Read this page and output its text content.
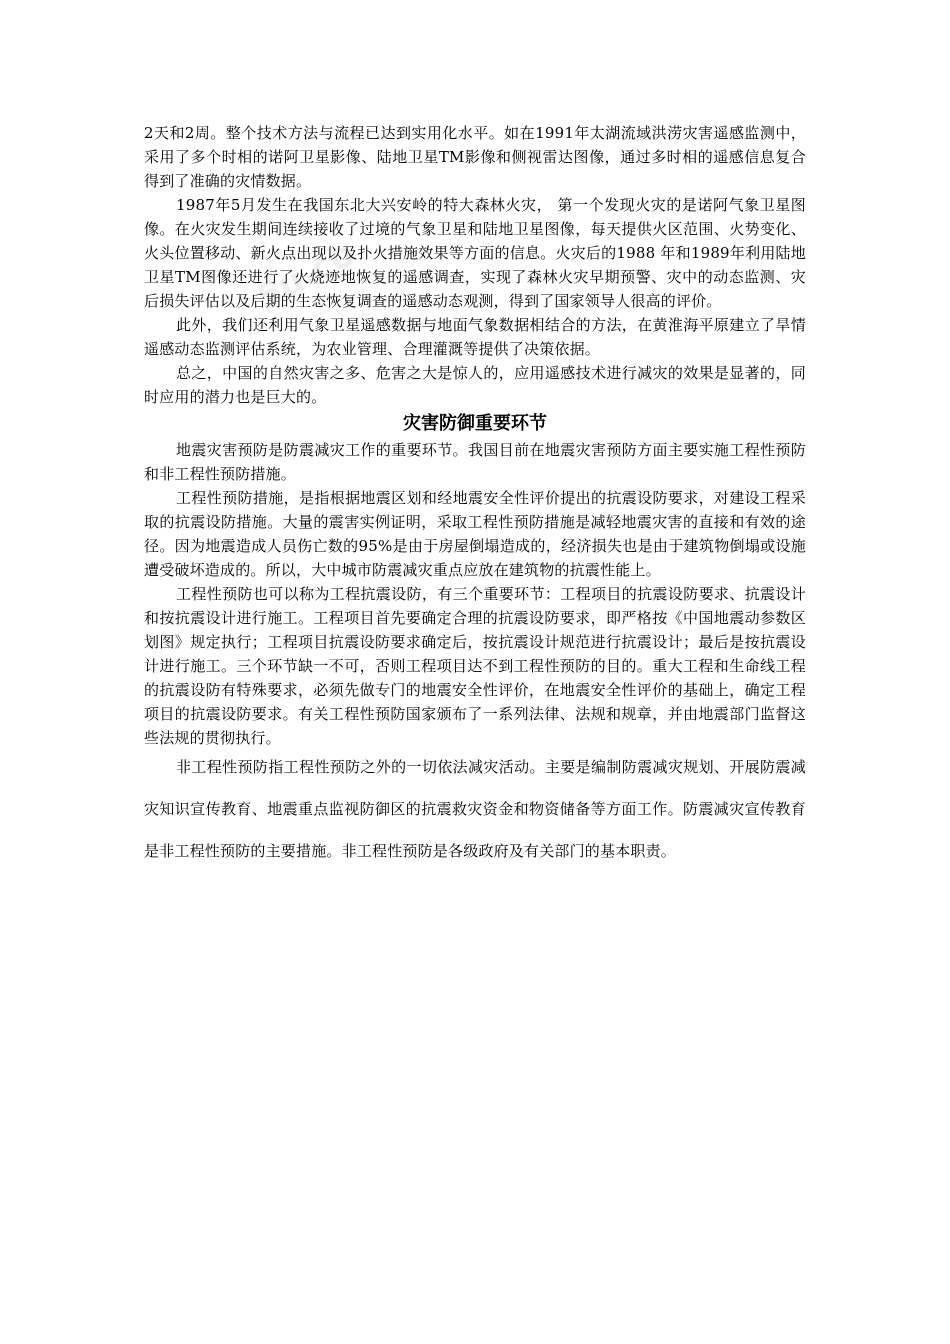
5u.co

2天和2周。整个技术方法与流程已达到实用化水平。如在1991年太湖流域洪涝灾害遥感监测中，采用了多个时相的诺阿卫星影像、陆地卫星TM影像和侧视雷达图像，通过多时相的遥感信息复合得到了准确的灾情数据。

1987年5月发生在我国东北大兴安岭的特大森林火灾， 第一个发现火灾的是诺阿气象卫星图像。在火灾发生期间连续接收了过境的气象卫星和陆地卫星图像，每天提供火区范围、火势变化、火头位置移动、新火点出现以及扑火措施效果等方面的信息。火灾后的1988 年和1989年利用陆地卫星TM图像还进行了火烧迹地恢复的遥感调查，实现了森林火灾早期预警、灾中的动态监测、灾后损失评估以及后期的生态恢复调查的遥感动态观测，得到了国家领导人很高的评价。

此外，我们还利用气象卫星遥感数据与地面气象数据相结合的方法，在黄淮海平原建立了旱情遥感动态监测评估系统，为农业管理、合理灌溉等提供了决策依据。

总之，中国的自然灾害之多、危害之大是惊人的，应用遥感技术进行减灾的效果是显著的，同时应用的潜力也是巨大的。

灾害防御重要环节

地震灾害预防是防震减灾工作的重要环节。我国目前在地震灾害预防方面主要实施工程性预防和非工程性预防措施。

工程性预防措施，是指根据地震区划和经地震安全性评价提出的抗震设防要求，对建设工程采取的抗震设防措施。大量的震害实例证明，采取工程性预防措施是减轻地震灾害的直接和有效的途径。因为地震造成人员伤亡数的95%是由于房屋倒塌造成的，经济损失也是由于建筑物倒塌或设施遭受破坏造成的。所以，大中城市防震减灾重点应放在建筑物的抗震性能上。

工程性预防也可以称为工程抗震设防，有三个重要环节：工程项目的抗震设防要求、抗震设计和按抗震设计进行施工。工程项目首先要确定合理的抗震设防要求，即严格按《中国地震动参数区划图》规定执行；工程项目抗震设防要求确定后，按抗震设计规范进行抗震设计；最后是按抗震设计进行施工。三个环节缺一不可，否则工程项目达不到工程性预防的目的。重大工程和生命线工程的抗震设防有特殊要求，必须先做专门的地震安全性评价，在地震安全性评价的基础上，确定工程项目的抗震设防要求。有关工程性预防国家颁布了一系列法律、法规和规章，并由地震部门监督这些法规的贯彻执行。

非工程性预防指工程性预防之外的一切依法减灾活动。主要是编制防震减灾规划、开展防震减灾知识宣传教育、地震重点监视防御区的抗震救灾资金和物资储备等方面工作。防震减灾宣传教育是非工程性预防的主要措施。非工程性预防是各级政府及有关部门的基本职责。
